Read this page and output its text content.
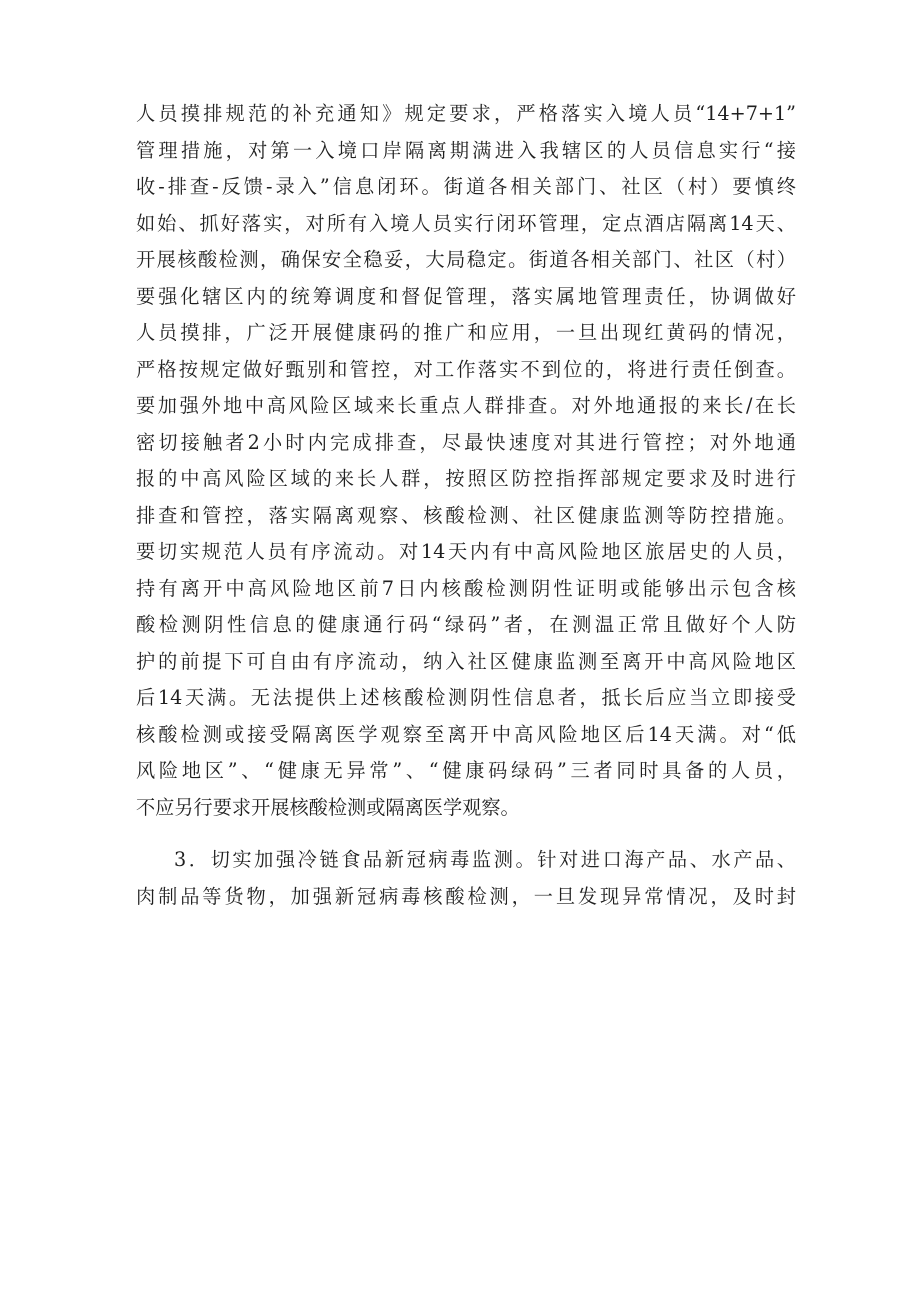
人员摸排规范的补充通知》规定要求，严格落实入境人员“14+7+1”
管理措施，对第一入境口岸隔离期满进入我辖区的人员信息实行“接
收-排查-反馈-录入”信息闭环。街道各相关部门、社区（村）要慎终
如始、抓好落实，对所有入境人员实行闭环管理，定点酒店隔离14天、
开展核酸检测，确保安全稳妥，大局稳定。街道各相关部门、社区（村）
要强化辖区内的统筹调度和督促管理，落实属地管理责任，协调做好
人员摸排，广泛开展健康码的推广和应用，一旦出现红黄码的情况，
严格按规定做好甄别和管控，对工作落实不到位的，将进行责任倒查。
要加强外地中高风险区域来长重点人群排查。对外地通报的来长/在长
密切接触者2小时内完成排查，尽最快速度对其进行管控；对外地通
报的中高风险区域的来长人群，按照区防控指挥部规定要求及时进行
排查和管控，落实隔离观察、核酸检测、社区健康监测等防控措施。
要切实规范人员有序流动。对14天内有中高风险地区旅居史的人员，
持有离开中高风险地区前7日内核酸检测阴性证明或能够出示包含核
酸检测阴性信息的健康通行码“绿码”者，在测温正常且做好个人防
护的前提下可自由有序流动，纳入社区健康监测至离开中高风险地区
后14天满。无法提供上述核酸检测阴性信息者，抵长后应当立即接受
核酸检测或接受隔离医学观察至离开中高风险地区后14天满。对“低
风险地区”、“健康无异常”、“健康码绿码”三者同时具备的人员，
不应另行要求开展核酸检测或隔离医学观察。
3．切实加强冷链食品新冠病毒监测。针对进口海产品、水产品、
肉制品等货物，加强新冠病毒核酸检测，一旦发现异常情况，及时封
